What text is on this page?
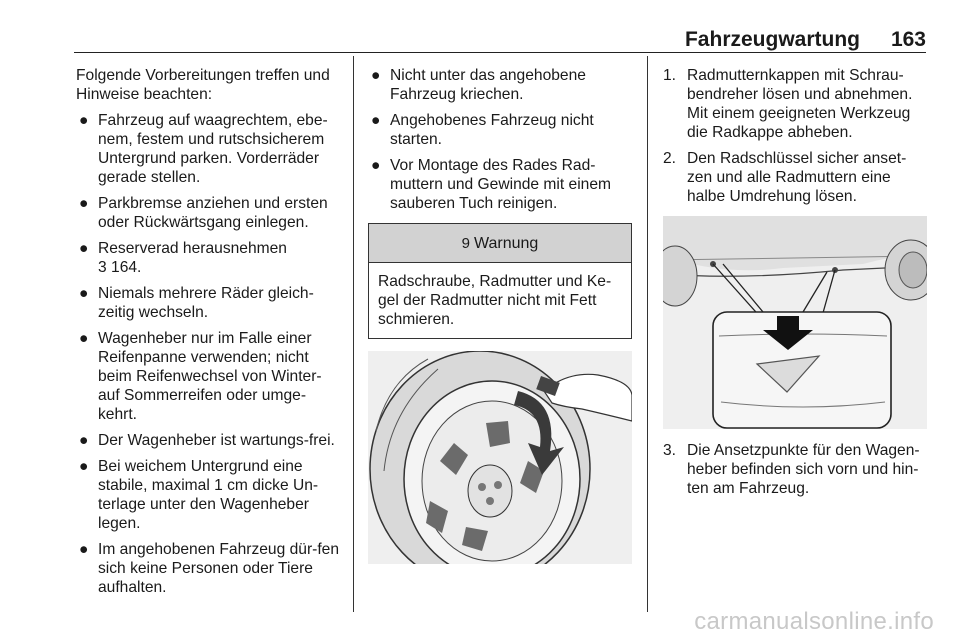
Fahrzeugwartung 163

Folgende Vorbereitungen treffen und Hinweise beachten:

● Fahrzeug auf waagrechtem, ebe-nem, festem und rutschsicherem Untergrund parken. Vorderräder gerade stellen.
● Parkbremse anziehen und ersten oder Rückwärtsgang einlegen.
● Reserverad herausnehmen
3 164.
● Niemals mehrere Räder gleich-zeitig wechseln.
● Wagenheber nur im Falle einer Reifenpanne verwenden; nicht beim Reifenwechsel von Winter- auf Sommerreifen oder umge-kehrt.
● Der Wagenheber ist wartungs-frei.
● Bei weichem Untergrund eine stabile, maximal 1 cm dicke Un-terlage unter den Wagenheber legen.
● Im angehobenen Fahrzeug dür-fen sich keine Personen oder Tiere aufhalten.
● Nicht unter das angehobene Fahrzeug kriechen.
● Angehobenes Fahrzeug nicht starten.
● Vor Montage des Rades Rad-muttern und Gewinde mit einem sauberen Tuch reinigen.
9 Warnung
Radschraube, Radmutter und Ke-gel der Radmutter nicht mit Fett schmieren.
1. Radmutternkappen mit Schrau-bendreher lösen und abnehmen. Mit einem geeigneten Werkzeug die Radkappe abheben.
2. Den Radschlüssel sicher anset-zen und alle Radmuttern eine halbe Umdrehung lösen.
3. Die Ansetzpunkte für den Wagen-heber befinden sich vorn und hin-ten am Fahrzeug.
carmanualsonline.info
